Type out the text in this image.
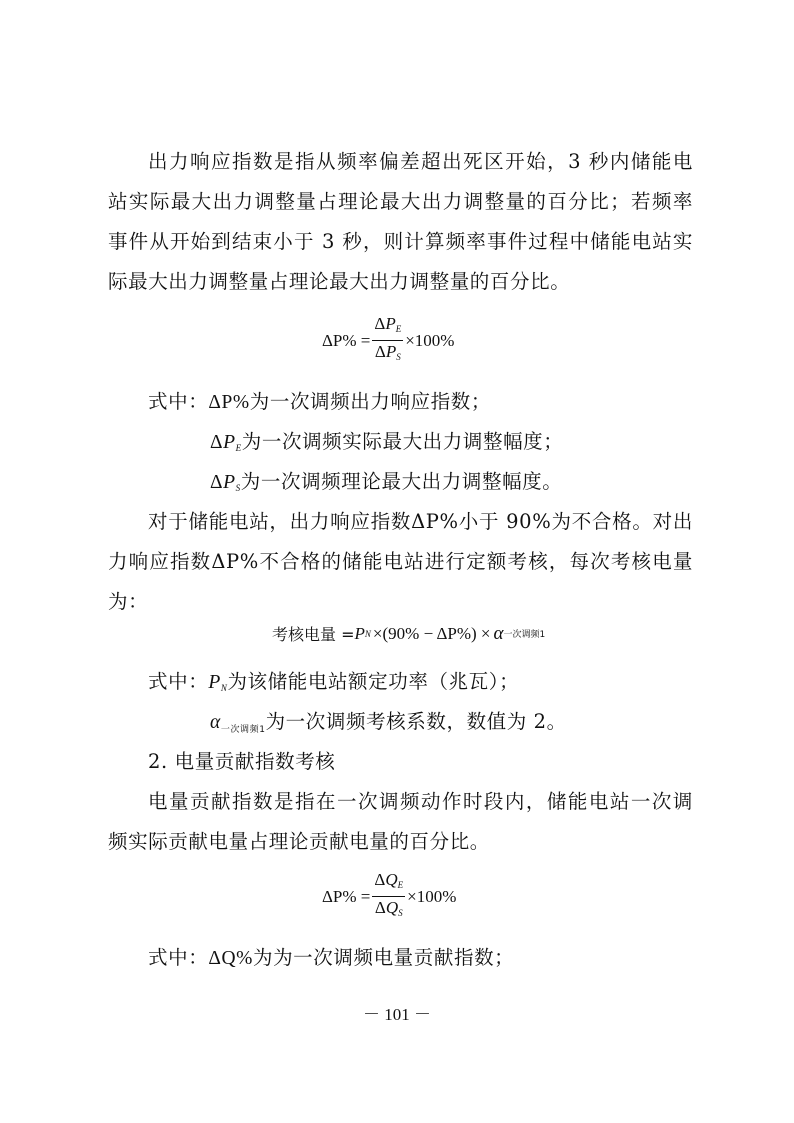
出力响应指数是指从频率偏差超出死区开始，3 秒内储能电
站实际最大出力调整量占理论最大出力调整量的百分比；若频率
事件从开始到结束小于 3 秒，则计算频率事件过程中储能电站实
际最大出力调整量占理论最大出力调整量的百分比。
$\Delta P\% = \frac{\Delta P_E}{\Delta P_S} \times 100\%$
式中：ΔP%为一次调频出力响应指数；
$\Delta P_E$为一次调频实际最大出力调整幅度；
$\Delta P_S$为一次调频理论最大出力调整幅度。
对于储能电站，出力响应指数ΔP%小于 90%为不合格。对出
力响应指数ΔP%不合格的储能电站进行定额考核，每次考核电量
为：
考核电量 = P N ×(90% − ΔP%) × α 一次调频1
式中：$P_N$为该储能电站额定功率（兆瓦）；
$\alpha_{一次调频1}$为一次调频考核系数，数值为 2。
2. 电量贡献指数考核
电量贡献指数是指在一次调频动作时段内，储能电站一次调
频实际贡献电量占理论贡献电量的百分比。
$\Delta P\% = \frac{\Delta Q_E}{\Delta Q_S} \times 100\%$
式中：ΔQ%为为一次调频电量贡献指数；
－ 101 －
